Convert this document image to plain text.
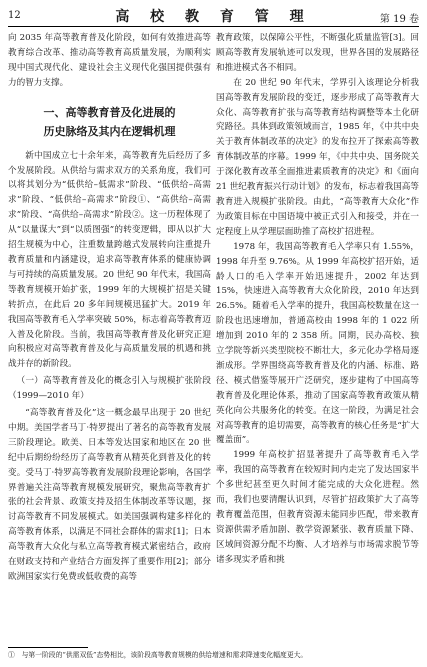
12	高 校 教 育 管 理	第 19 卷

向 2035 年高等教育普及化阶段，如何有效推进高等教育综合改革、推动高等教育高质量发展，为顺利实现中国式现代化、建设社会主义现代化强国提供强有力的智力支撑。

一、高等教育普及化进展的
历史脉络及其内在逻辑机理

新中国成立七十余年来，高等教育先后经历了多个发展阶段。从供给与需求双方的关系角度，我们可以将其划分为“低供给–低需求”阶段、“低供给–高需求”阶段、“低供给–高需求”阶段①、“高供给–高需求”阶段、“高供给–高需求”阶段②。这一历程体现了从“以量谋大”到“以质图强”的转变逻辑，即从以扩大招生规模为中心，注重数量跨越式发展转向注重提升教育质量和内涵建设，追求高等教育体系的健康协调与可持续的高质量发展。20 世纪 90 年代末，我国高等教育规模开始扩张，1999 年的大规模扩招是关键转折点，在此后 20 多年间规模迅猛扩大。2019 年我国高等教育毛入学率突破 50%，标志着高等教育迈入普及化阶段。当前，我国高等教育普及化研究正迎向积极应对高等教育普及化与高质量发展的机遇和挑战并存的新阶段。

（一）高等教育普及化的概念引入与规模扩张阶段（1999—2010 年）

“高等教育普及化”这一概念最早出现于 20 世纪中期。美国学者马丁·特罗提出了著名的高等教育发展三阶段理论。欧美、日本等发达国家和地区在 20 世纪中后期纷纷经历了高等教育从精英化到普及化的转变。受马丁·特罗高等教育发展阶段理论影响，各国学界普遍关注高等教育规模发展研究，聚焦高等教育扩张的社会背景、政策支持及招生体制改革等议题，探讨高等教育不同发展模式。如美国强调构建多样化的高等教育体系，以满足不同社会群体的需求[1]；日本高等教育大众化与私立高等教育模式紧密结合，政府在财政支持和产业结合方面发挥了重要作用[2]；部分欧洲国家实行免费或低收费的高等

教育政策，以保障公平性，不断强化质量监管[3]。回顾高等教育发展轨迹可以发现，世界各国的发展路径和推进模式各不相同。

在 20 世纪 90 年代末，学界引入该理论分析我国高等教育发展阶段的变迁，逐步形成了高等教育大众化、高等教育扩张与高等教育结构调整等本土化研究路径。具体到政策领域而言，1985 年，《中共中央关于教育体制改革的决定》的发布拉开了探索高等教育体制改革的序幕。1999 年，《中共中央、国务院关于深化教育改革全面推进素质教育的决定》和《面向 21 世纪教育振兴行动计划》的发布，标志着我国高等教育进入规模扩张阶段。由此，“高等教育大众化”作为政策目标在中国语境中被正式引入和接受，并在一定程度上从学理层面助推了高校扩招进程。

1978 年，我国高等教育毛入学率只有 1.55%，1998 年升至 9.76%。从 1999 年高校扩招开始，适龄人口的毛入学率开始迅速提升，2002 年达到 15%，快速进入高等教育大众化阶段，2010 年达到 26.5%。随着毛入学率的提升，我国高校数量在这一阶段也迅速增加，普通高校由 1998 年的 1 022 所增加到 2010 年的 2 358 所。同期，民办高校、独立学院等新兴类型院校不断壮大，多元化办学格局逐渐成形。学界围绕高等教育普及化的内涵、标准、路径、模式借鉴等展开广泛研究，逐步建构了中国高等教育普及化理论体系，推动了国家高等教育政策从精英化向公共服务化的转变。在这一阶段，为满足社会对高等教育的追切需要，高等教育的核心任务是“扩大覆盖面”。

1999 年高校扩招显著提升了高等教育毛入学率，我国的高等教育在较短时间内走完了发达国家半个多世纪甚至更久时间才能完成的大众化进程。然而，我们也要清醒认识到，尽管扩招政策扩大了高等教育覆盖范围，但教育资源未能同步匹配，带来教育资源供需矛盾加剧、教学资源紧张、教育质量下降、区域间资源分配不均衡、人才培养与市场需求脱节等诸多现实矛盾和挑

①　与第一阶段的“供需双低”态势相比，该阶段高等教育规模的供给增速和需求降速变化幅度更大。
